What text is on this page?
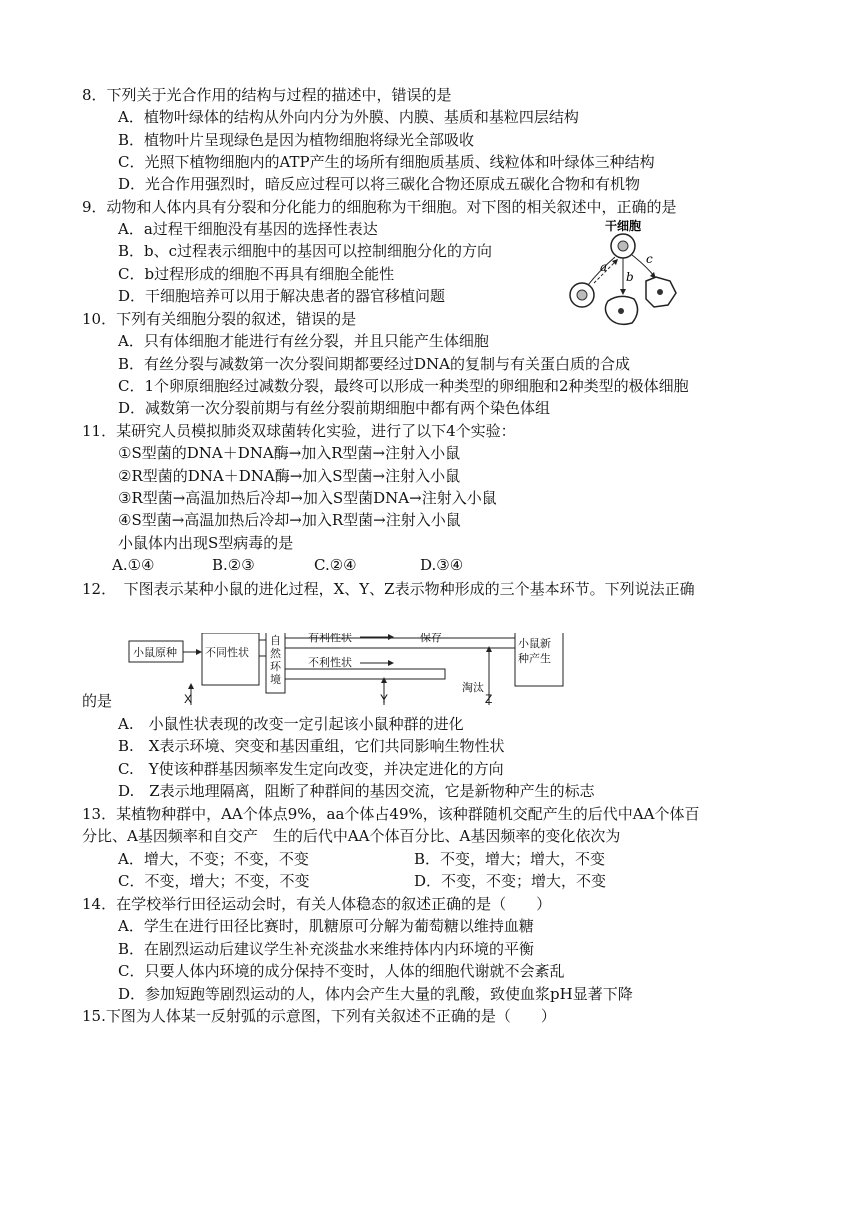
8．下列关于光合作用的结构与过程的描述中，错误的是
A．植物叶绿体的结构从外向内分为外膜、内膜、基质和基粒四层结构
B．植物叶片呈现绿色是因为植物细胞将绿光全部吸收
C．光照下植物细胞内的ATP产生的场所有细胞质基质、线粒体和叶绿体三种结构
D．光合作用强烈时，暗反应过程可以将三碳化合物还原成五碳化合物和有机物
9．动物和人体内具有分裂和分化能力的细胞称为干细胞。对下图的相关叙述中，正确的是
A．a过程干细胞没有基因的选择性表达
B．b、c过程表示细胞中的基因可以控制细胞分化的方向
C．b过程形成的细胞不再具有细胞全能性
D．干细胞培养可以用于解决患者的器官移植问题
干细胞
a
b
c
10．下列有关细胞分裂的叙述，错误的是
A．只有体细胞才能进行有丝分裂，并且只能产生体细胞
B．有丝分裂与减数第一次分裂间期都要经过DNA的复制与有关蛋白质的合成
C．1个卵原细胞经过减数分裂，最终可以形成一种类型的卵细胞和2种类型的极体细胞
D．减数第一次分裂前期与有丝分裂前期细胞中都有两个染色体组
11．某研究人员模拟肺炎双球菌转化实验，进行了以下4个实验：
①S型菌的DNA＋DNA酶→加入R型菌→注射入小鼠
②R型菌的DNA＋DNA酶→加入S型菌→注射入小鼠
③R型菌→高温加热后冷却→加入S型菌DNA→注射入小鼠
④S型菌→高温加热后冷却→加入R型菌→注射入小鼠
小鼠体内出现S型病毒的是
A.①④	B.②③	C.②④	D.③④
12．　下图表示某种小鼠的进化过程，X、Y、Z表示物种形成的三个基本环节。下列说法正确
小鼠原种	不同性状
自
然
环
境
有利性状	保存
不利性状
淘汰
小鼠新
种产生
X	Y	Z
的是
A.　小鼠性状表现的改变一定引起该小鼠种群的进化
B.　X表示环境、突变和基因重组，它们共同影响生物性状
C.　Y使该种群基因频率发生定向改变，并决定进化的方向
D.　Z表示地理隔离，阻断了种群间的基因交流，它是新物种产生的标志
13．某植物种群中，AA个体点9%，aa个体占49%，该种群随机交配产生的后代中AA个体百
分比、A基因频率和自交产　生的后代中AA个体百分比、A基因频率的变化依次为
A．增大，不变；不变，不变	B．不变，增大；增大，不变
C．不变，增大；不变，不变	D．不变，不变；增大，不变
14．在学校举行田径运动会时，有关人体稳态的叙述正确的是（　　）
A．学生在进行田径比赛时，肌糖原可分解为葡萄糖以维持血糖
B．在剧烈运动后建议学生补充淡盐水来维持体内内环境的平衡
C．只要人体内环境的成分保持不变时，人体的细胞代谢就不会紊乱
D．参加短跑等剧烈运动的人，体内会产生大量的乳酸，致使血浆pH显著下降
15.下图为人体某一反射弧的示意图，下列有关叙述不正确的是（　　）
